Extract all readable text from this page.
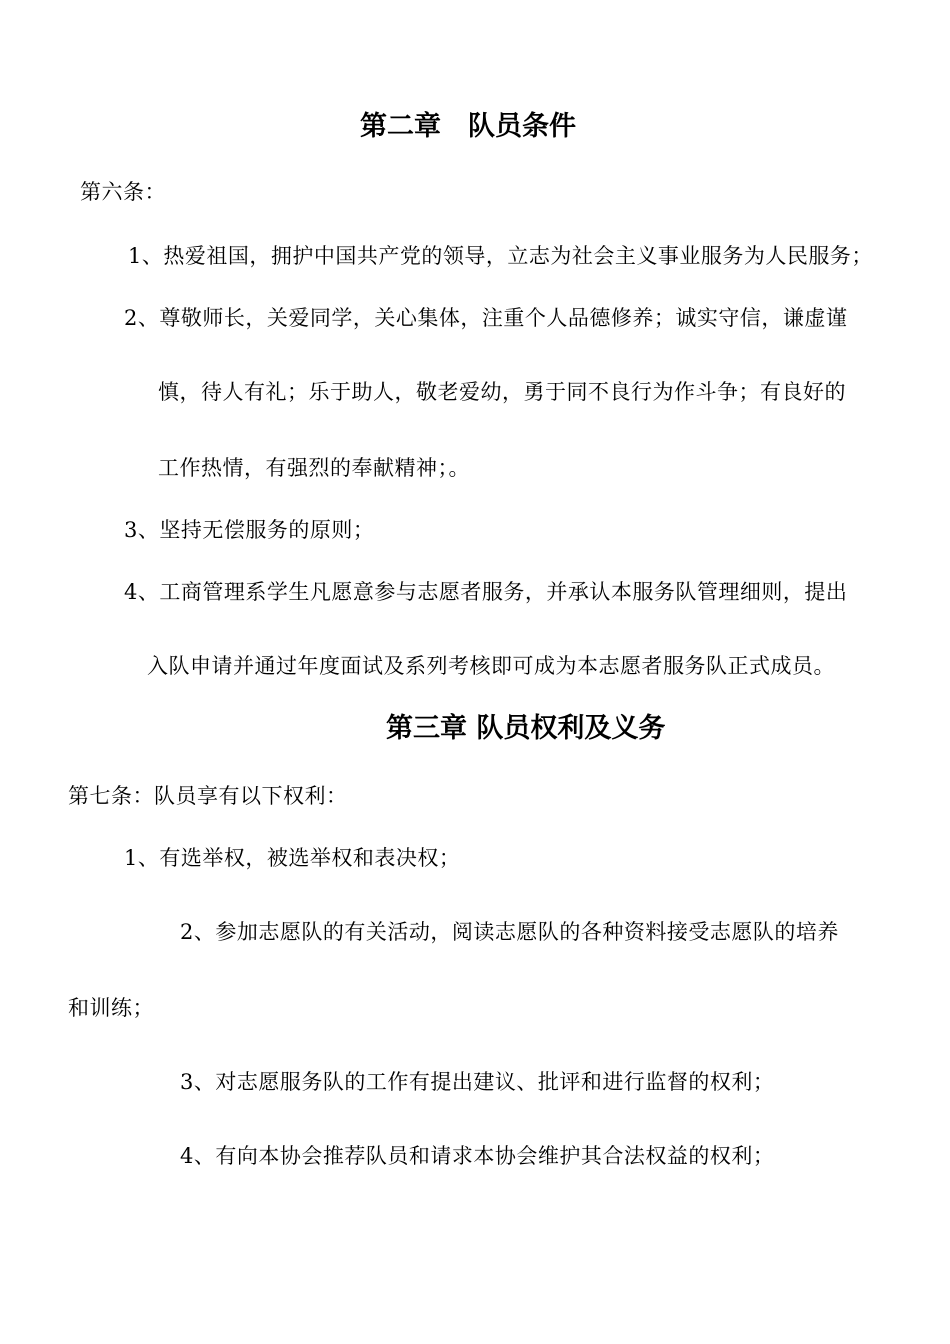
第二章　队员条件
第六条：
1、热爱祖国，拥护中国共产党的领导，立志为社会主义事业服务为人民服务；
2、尊敬师长，关爱同学，关心集体，注重个人品德修养；诚实守信，谦虚谨
慎，待人有礼；乐于助人，敬老爱幼，勇于同不良行为作斗争；有良好的
工作热情，有强烈的奉献精神；。
3、坚持无偿服务的原则；
4、工商管理系学生凡愿意参与志愿者服务，并承认本服务队管理细则，提出
入队申请并通过年度面试及系列考核即可成为本志愿者服务队正式成员。
第三章 队员权利及义务
第七条：队员享有以下权利：
1、有选举权，被选举权和表决权；
2、参加志愿队的有关活动，阅读志愿队的各种资料接受志愿队的培养
和训练；
3、对志愿服务队的工作有提出建议、批评和进行监督的权利；
4、有向本协会推荐队员和请求本协会维护其合法权益的权利；
